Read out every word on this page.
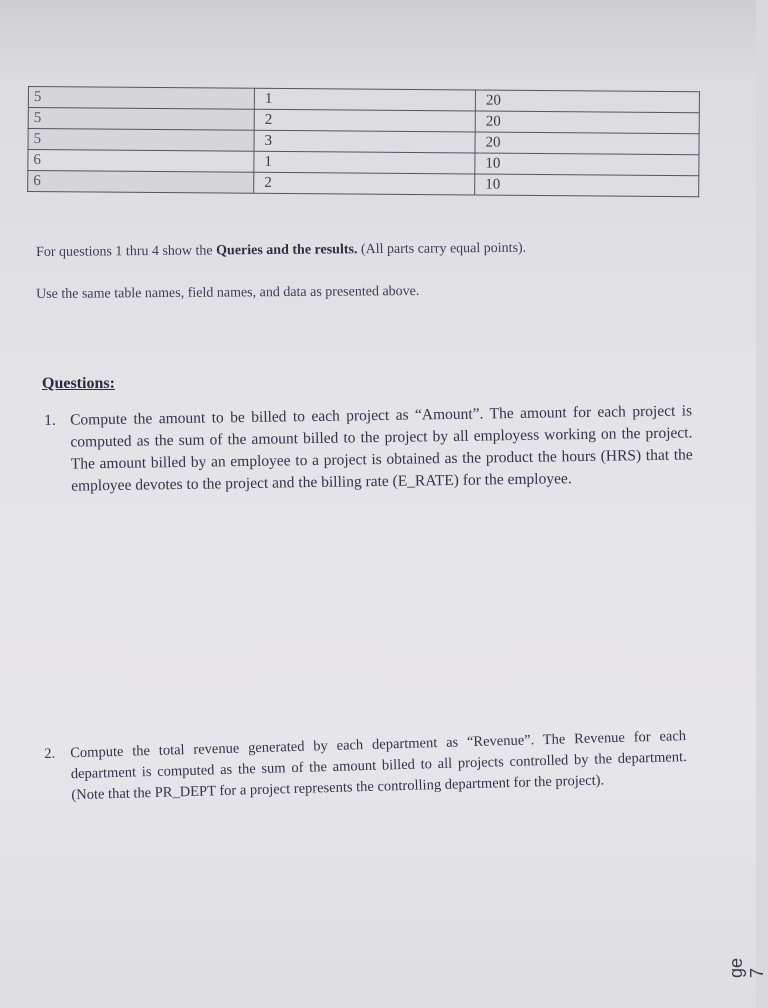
5	1	20
5	2	20
5	3	20
6	1	10
6	2	10
For questions 1 thru 4 show the Queries and the results. (All parts carry equal points).
Use the same table names, field names, and data as presented above.
Questions:
1. Compute the amount to be billed to each project as “Amount”. The amount for each project is computed as the sum of the amount billed to the project by all employess working on the project. The amount billed by an employee to a project is obtained as the product the hours (HRS) that the employee devotes to the project and the billing rate (E_RATE) for the employee.
2. Compute the total revenue generated by each department as “Revenue”. The Revenue for each department is computed as the sum of the amount billed to all projects controlled by the department. (Note that the PR_DEPT for a project represents the controlling department for the project).
ge 7
